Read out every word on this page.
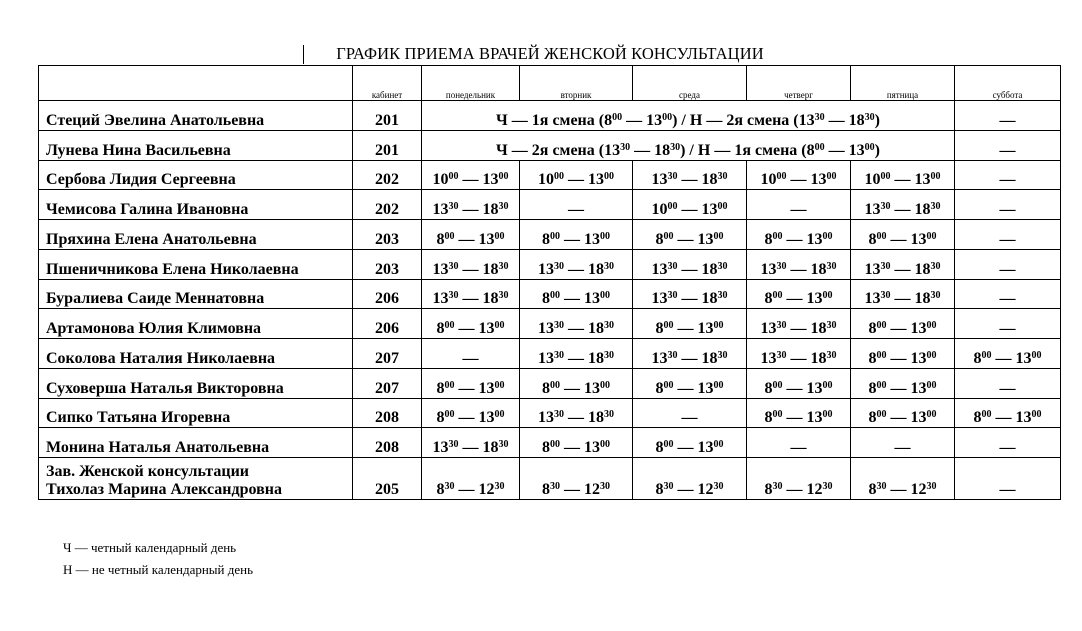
ГРАФИК ПРИЕМА ВРАЧЕЙ ЖЕНСКОЙ КОНСУЛЬТАЦИИ
	кабинет	понедельник	вторник	среда	четверг	пятница	суббота

Стеций Эвелина Анатольевна	201	Ч — 1я смена ($8^{00}$ — $13^{00}$) / Н — 2я смена ($13^{30}$ — $18^{30}$)					—

Лунева Нина Васильевна	201	Ч — 2я смена ($13^{30}$ — $18^{30}$) / Н — 1я смена ($8^{00}$ — $13^{00}$)					—

Сербова Лидия Сергеевна	202	$10^{00}$ — $13^{00}$	$10^{00}$ — $13^{00}$	$13^{30}$ — $18^{30}$	$10^{00}$ — $13^{00}$	$10^{00}$ — $13^{00}$	—

Чемисова Галина Ивановна	202	$13^{30}$ — $18^{30}$	—	$10^{00}$ — $13^{00}$	—	$13^{30}$ — $18^{30}$	—

Пряхина Елена Анатольевна	203	$8^{00}$ — $13^{00}$	$8^{00}$ — $13^{00}$	$8^{00}$ — $13^{00}$	$8^{00}$ — $13^{00}$	$8^{00}$ — $13^{00}$	—

Пшеничникова Елена Николаевна	203	$13^{30}$ — $18^{30}$	$13^{30}$ — $18^{30}$	$13^{30}$ — $18^{30}$	$13^{30}$ — $18^{30}$	$13^{30}$ — $18^{30}$	—

Буралиева Саиде Меннатовна	206	$13^{30}$ — $18^{30}$	$8^{00}$ — $13^{00}$	$13^{30}$ — $18^{30}$	$8^{00}$ — $13^{00}$	$13^{30}$ — $18^{30}$	—

Артамонова Юлия Климовна	206	$8^{00}$ — $13^{00}$	$13^{30}$ — $18^{30}$	$8^{00}$ — $13^{00}$	$13^{30}$ — $18^{30}$	$8^{00}$ — $13^{00}$	—

Соколова Наталия Николаевна	207	—	$13^{30}$ — $18^{30}$	$13^{30}$ — $18^{30}$	$13^{30}$ — $18^{30}$	$8^{00}$ — $13^{00}$	$8^{00}$ — $13^{00}$

Суховерша Наталья Викторовна	207	$8^{00}$ — $13^{00}$	$8^{00}$ — $13^{00}$	$8^{00}$ — $13^{00}$	$8^{00}$ — $13^{00}$	$8^{00}$ — $13^{00}$	—

Сипко Татьяна Игоревна	208	$8^{00}$ — $13^{00}$	$13^{30}$ — $18^{30}$	—	$8^{00}$ — $13^{00}$	$8^{00}$ — $13^{00}$	$8^{00}$ — $13^{00}$

Монина Наталья Анатольевна	208	$13^{30}$ — $18^{30}$	$8^{00}$ — $13^{00}$	$8^{00}$ — $13^{00}$	—	—	—

Зав. Женской консультации
Тихолаз Марина Александровна	205	$8^{30}$ — $12^{30}$	$8^{30}$ — $12^{30}$	$8^{30}$ — $12^{30}$	$8^{30}$ — $12^{30}$	$8^{30}$ — $12^{30}$	—
Ч — четный календарный день
Н — не четный календарный день
